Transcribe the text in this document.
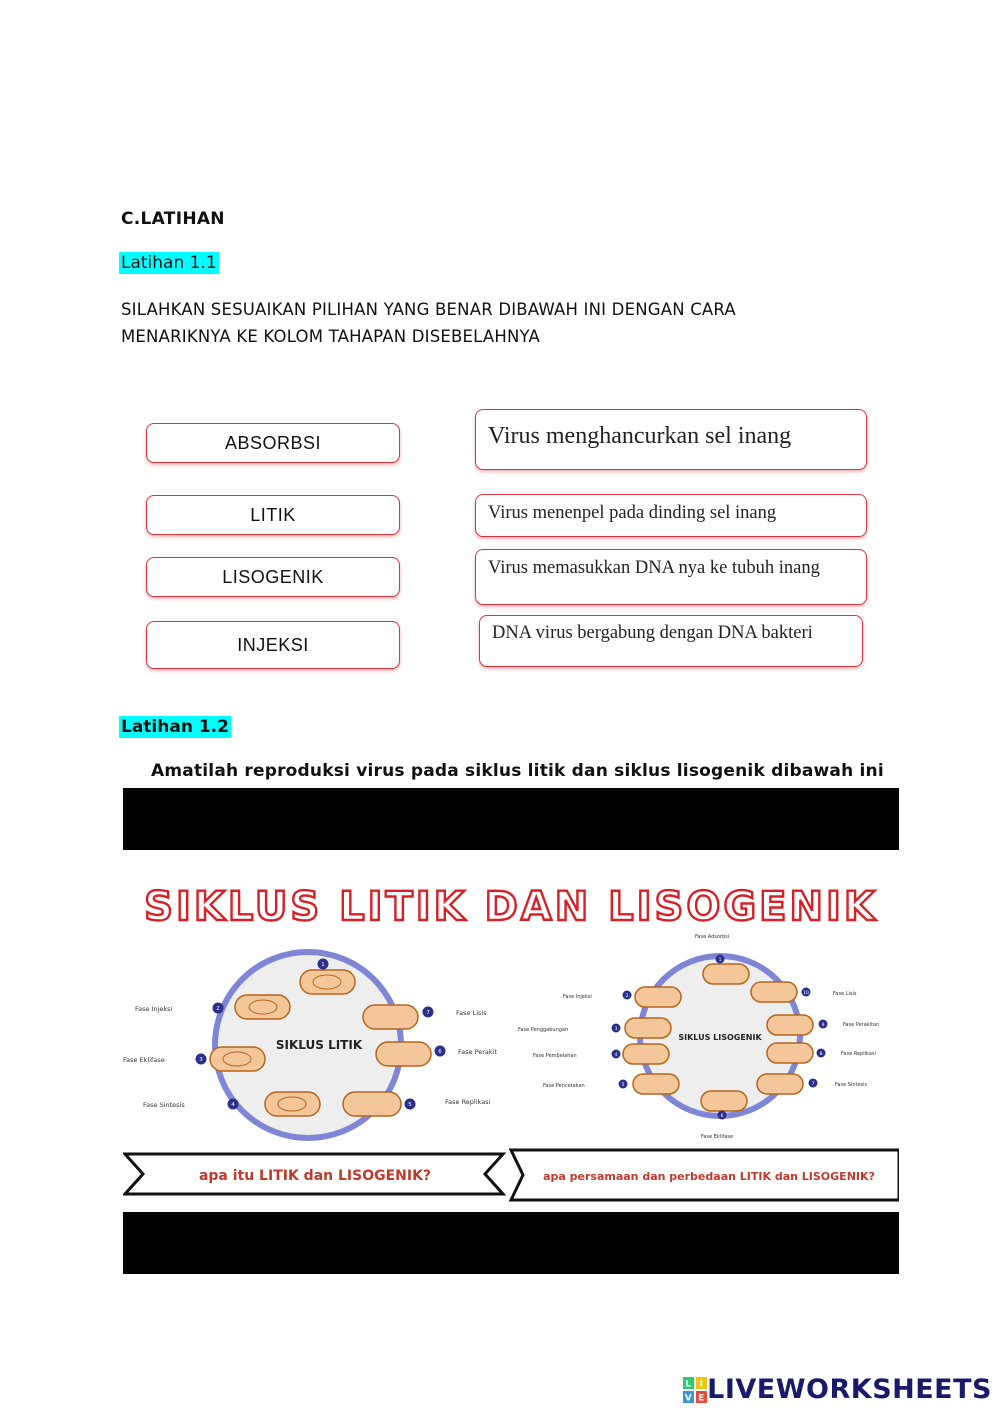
C.LATIHAN
Latihan 1.1
SILAHKAN SESUAIKAN PILIHAN YANG BENAR DIBAWAH INI DENGAN CARA
MENARIKNYA KE KOLOM TAHAPAN DISEBELAHNYA
ABSORBSI
LITIK
LISOGENIK
INJEKSI
Virus menghancurkan sel inang
Virus menenpel pada dinding sel inang
Virus memasukkan DNA nya ke tubuh inang
DNA virus bergabung dengan DNA bakteri
Latihan 1.2
Amatilah reproduksi virus pada siklus litik dan siklus lisogenik dibawah ini
SIKLUS LITIK DAN LISOGENIK
SIKLUS LITIK
1
2
3
4	5
6
7
Fase Injeksi
Fase Eklifase
Fase Sintesis
Fase Lisis
Fase Perakit
Fase Replikasi
SIKLUS LISOGENIK
1
2
3
4
5
6
7
8
9
10
Fase Adsorbsi
Fase Injeksi
Fase Penggabungan
Fase Pembelahan
Fase Pencetakan
Fase Lisis
Fase Perakitan
Fase Replikasi
Fase Sintesis
Fase Eklifase
apa itu LITIK dan LISOGENIK?	apa persamaan dan perbedaan LITIK dan LISOGENIK?
L I
V E LIVEWORKSHEETS
